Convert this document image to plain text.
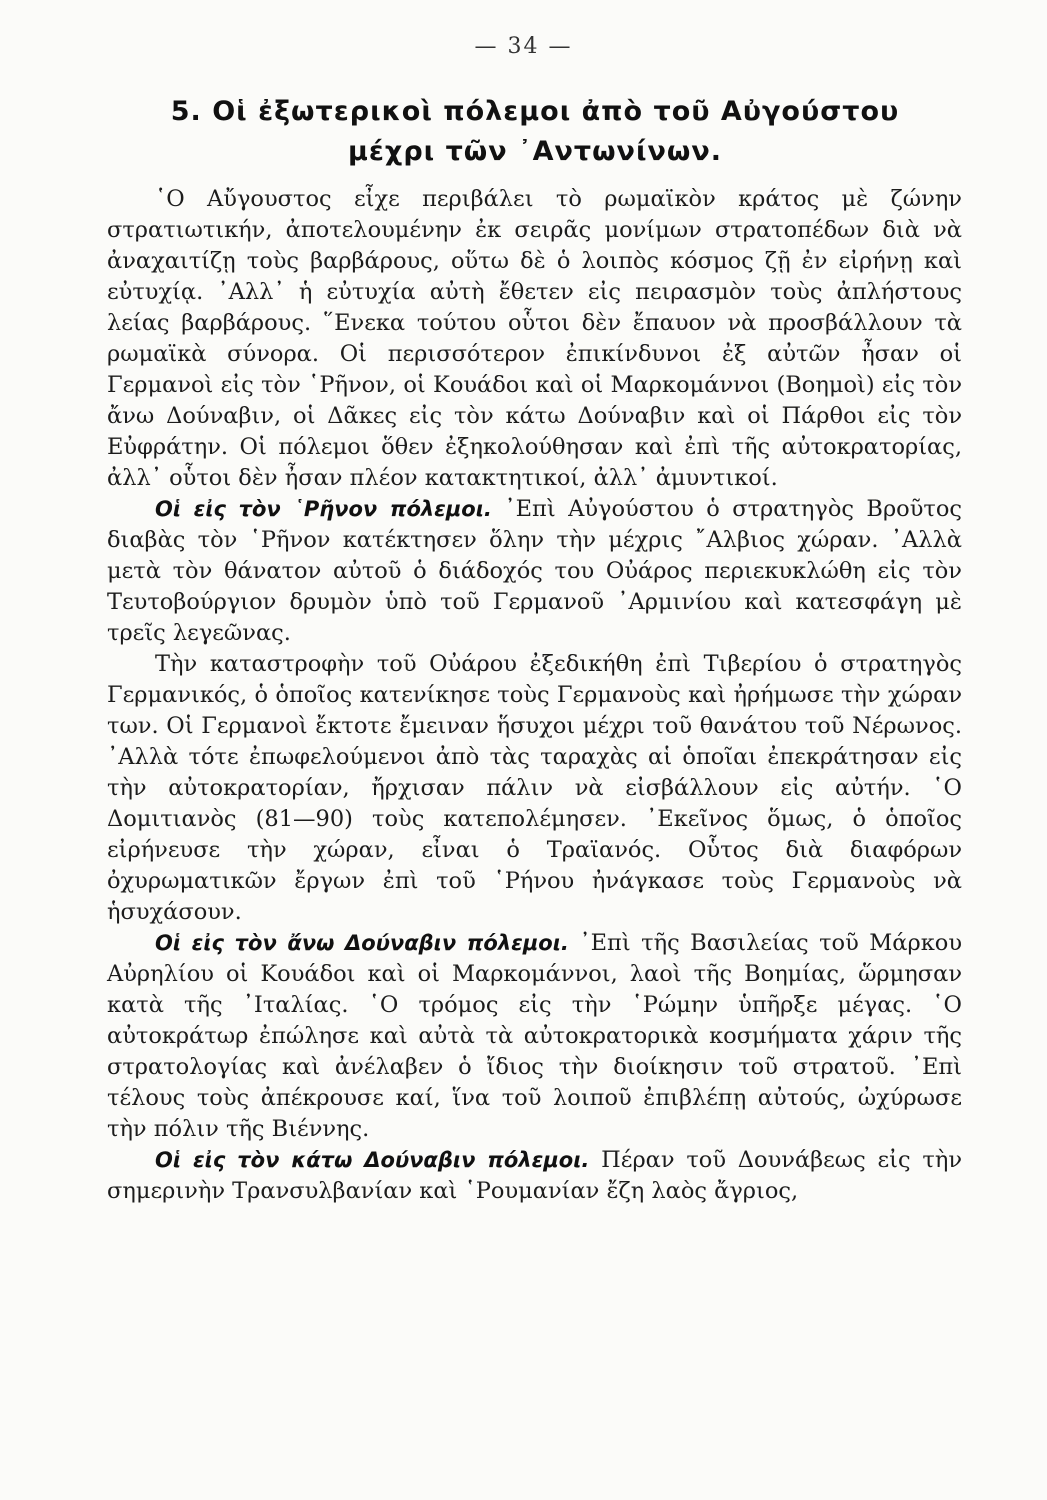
— 34 —
5. Οἱ ἐξωτερικοὶ πόλεμοι ἀπὸ τοῦ Αὐγούστου
μέχρι τῶν ᾿Αντωνίνων.

῾Ο Αὔγουστος εἶχε περιβάλει τὸ ρωμαϊκὸν κράτος μὲ ζώνην στρατιωτικήν, ἀποτελουμένην ἐκ σειρᾶς μονίμων στρατοπέδων διὰ νὰ ἀναχαιτίζῃ τοὺς βαρβάρους, οὕτω δὲ ὁ λοιπὸς κόσμος ζῇ ἐν εἰρήνῃ καὶ εὐτυχίᾳ. ᾿Αλλ᾿ ἡ εὐτυχία αὐτὴ ἔθετεν εἰς πειρασμὸν τοὺς ἀπλήστους λείας βαρβάρους. ῞Ενεκα τούτου οὗτοι δὲν ἔπαυον νὰ προσβάλλουν τὰ ρωμαϊκὰ σύνορα. Οἱ περισσότερον ἐπικίνδυνοι ἐξ αὐτῶν ἦσαν οἱ Γερμανοὶ εἰς τὸν ῾Ρῆνον, οἱ Κουάδοι καὶ οἱ Μαρκομάννοι (Βοημοὶ) εἰς τὸν ἄνω Δούναβιν, οἱ Δᾶκες εἰς τὸν κάτω Δούναβιν καὶ οἱ Πάρθοι εἰς τὸν Εὐφράτην. Οἱ πόλεμοι ὅθεν ἐξηκολούθησαν καὶ ἐπὶ τῆς αὐτοκρατορίας, ἀλλ᾿ οὗτοι δὲν ἦσαν πλέον κατακτητικοί, ἀλλ᾿ ἀμυντικοί.

Οἱ εἰς τὸν ῾Ρῆνον πόλεμοι. ᾿Επὶ Αὐγούστου ὁ στρατηγὸς Βροῦτος διαβὰς τὸν ῾Ρῆνον κατέκτησεν ὅλην τὴν μέχρις ῎Αλβιος χώραν. ᾿Αλλὰ μετὰ τὸν θάνατον αὐτοῦ ὁ διάδοχός του Οὐάρος περιεκυκλώθη εἰς τὸν Τευτοβούργιον δρυμὸν ὑπὸ τοῦ Γερμανοῦ ᾿Αρμινίου καὶ κατεσφάγη μὲ τρεῖς λεγεῶνας.

Τὴν καταστροφὴν τοῦ Οὐάρου ἐξεδικήθη ἐπὶ Τιβερίου ὁ στρατηγὸς Γερμανικός, ὁ ὁποῖος κατενίκησε τοὺς Γερμανοὺς καὶ ἠρήμωσε τὴν χώραν των. Οἱ Γερμανοὶ ἔκτοτε ἔμειναν ἥσυχοι μέχρι τοῦ θανάτου τοῦ Νέρωνος. ᾿Αλλὰ τότε ἐπωφελούμενοι ἀπὸ τὰς ταραχὰς αἱ ὁποῖαι ἐπεκράτησαν εἰς τὴν αὐτοκρατορίαν, ἤρχισαν πάλιν νὰ εἰσβάλλουν εἰς αὐτήν. ῾Ο Δομιτιανὸς (81—90) τοὺς κατεπολέμησεν. ᾿Εκεῖνος ὅμως, ὁ ὁποῖος εἰρήνευσε τὴν χώραν, εἶναι ὁ Τραϊανός. Οὗτος διὰ διαφόρων ὀχυρωματικῶν ἔργων ἐπὶ τοῦ ῾Ρήνου ἠνάγκασε τοὺς Γερμανοὺς νὰ ἡσυχάσουν.

Οἱ εἰς τὸν ἄνω Δούναβιν πόλεμοι. ᾿Επὶ τῆς Βασιλείας τοῦ Μάρκου Αὐρηλίου οἱ Κουάδοι καὶ οἱ Μαρκομάννοι, λαοὶ τῆς Βοημίας, ὥρμησαν κατὰ τῆς ᾿Ιταλίας. ῾Ο τρόμος εἰς τὴν ῾Ρώμην ὑπῆρξε μέγας. ῾Ο αὐτοκράτωρ ἐπώλησε καὶ αὐτὰ τὰ αὐτοκρατορικὰ κοσμήματα χάριν τῆς στρατολογίας καὶ ἀνέλαβεν ὁ ἴδιος τὴν διοίκησιν τοῦ στρατοῦ. ᾿Επὶ τέλους τοὺς ἀπέκρουσε καί, ἵνα τοῦ λοιποῦ ἐπιβλέπῃ αὐτούς, ὠχύρωσε τὴν πόλιν τῆς Βιέννης.

Οἱ εἰς τὸν κάτω Δούναβιν πόλεμοι. Πέραν τοῦ Δουνάβεως εἰς τὴν σημερινὴν Τρανσυλβανίαν καὶ ῾Ρουμανίαν ἔζη λαὸς ἄγριος,
